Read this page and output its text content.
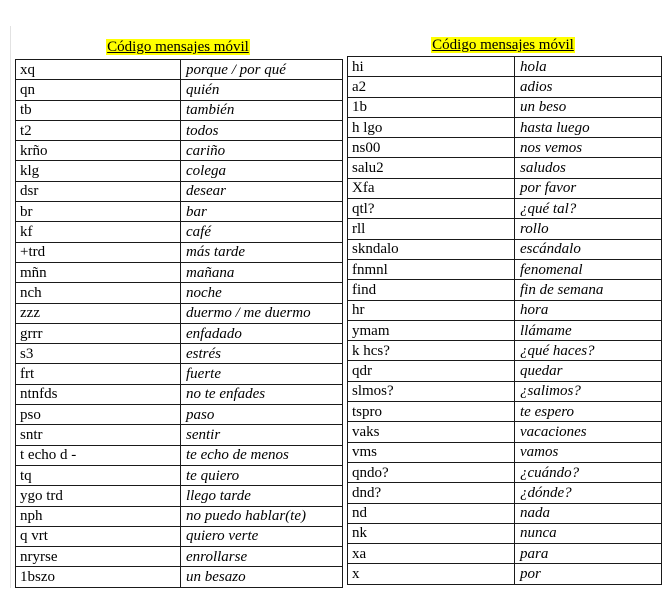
Código mensajes móvil
xq	porque / por qué
qn	quién
tb	también
t2	todos
krño	cariño
klg	colega
dsr	desear
br	bar
kf	café
+trd	más tarde
mñn	mañana
nch	noche
zzz	duermo / me duermo
grrr	enfadado
s3	estrés
frt	fuerte
ntnfds	no te enfades
pso	paso
sntr	sentir
t echo d -	te echo de menos
tq	te quiero
ygo trd	llego tarde
nph	no puedo hablar(te)
q vrt	quiero verte
nryrse	enrollarse
1bszo	un besazo
Código mensajes móvil
hi	hola
a2	adios
1b	un beso
h lgo	hasta luego
ns00	nos vemos
salu2	saludos
Xfa	por favor
qtl?	¿qué tal?
rll	rollo
skndalo	escándalo
fnmnl	fenomenal
find	fin de semana
hr	hora
ymam	llámame
k hcs?	¿qué haces?
qdr	quedar
slmos?	¿salimos?
tspro	te espero
vaks	vacaciones
vms	vamos
qndo?	¿cuándo?
dnd?	¿dónde?
nd	nada
nk	nunca
xa	para
x	por
